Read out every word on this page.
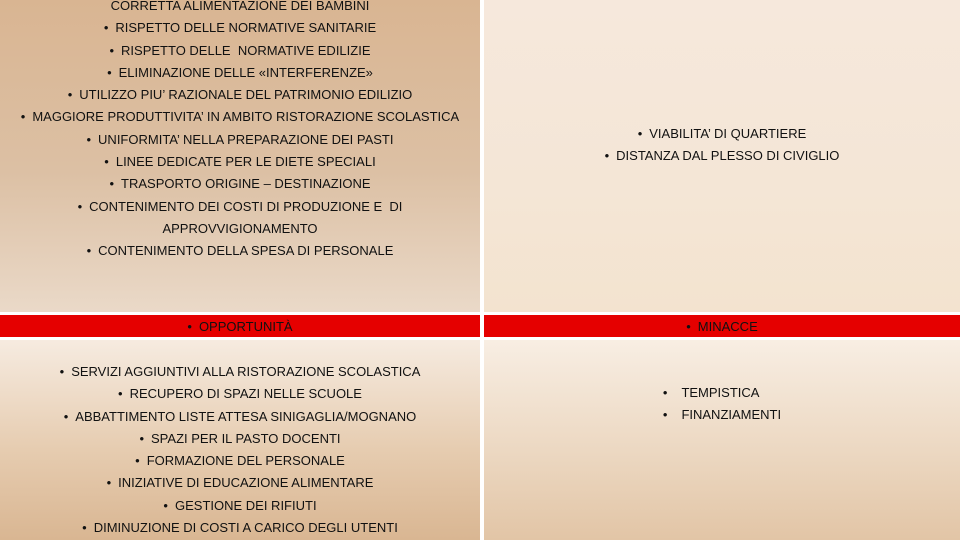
CORRETTA ALIMENTAZIONE DEI BAMBINI
• RISPETTO DELLE NORMATIVE SANITARIE
• RISPETTO DELLE  NORMATIVE EDILIZIE
• ELIMINAZIONE DELLE «INTERFERENZE»
• UTILIZZO PIU’ RAZIONALE DEL PATRIMONIO EDILIZIO
• MAGGIORE PRODUTTIVITA’ IN AMBITO RISTORAZIONE SCOLASTICA
• UNIFORMITA’ NELLA PREPARAZIONE DEI PASTI
• LINEE DEDICATE PER LE DIETE SPECIALI
• TRASPORTO ORIGINE – DESTINAZIONE
• CONTENIMENTO DEI COSTI DI PRODUZIONE E  DI
APPROVVIGIONAMENTO
• CONTENIMENTO DELLA SPESA DI PERSONALE
• VIABILITA’ DI QUARTIERE
• DISTANZA DAL PLESSO DI CIVIGLIO
• OPPORTUNITÀ	• MINACCE
• SERVIZI AGGIUNTIVI ALLA RISTORAZIONE SCOLASTICA
• RECUPERO DI SPAZI NELLE SCUOLE
• ABBATTIMENTO LISTE ATTESA SINIGAGLIA/MOGNANO
• SPAZI PER IL PASTO DOCENTI
• FORMAZIONE DEL PERSONALE
• INIZIATIVE DI EDUCAZIONE ALIMENTARE
• GESTIONE DEI RIFIUTI
• DIMINUZIONE DI COSTI A CARICO DEGLI UTENTI
• TEMPISTICA
• FINANZIAMENTI
